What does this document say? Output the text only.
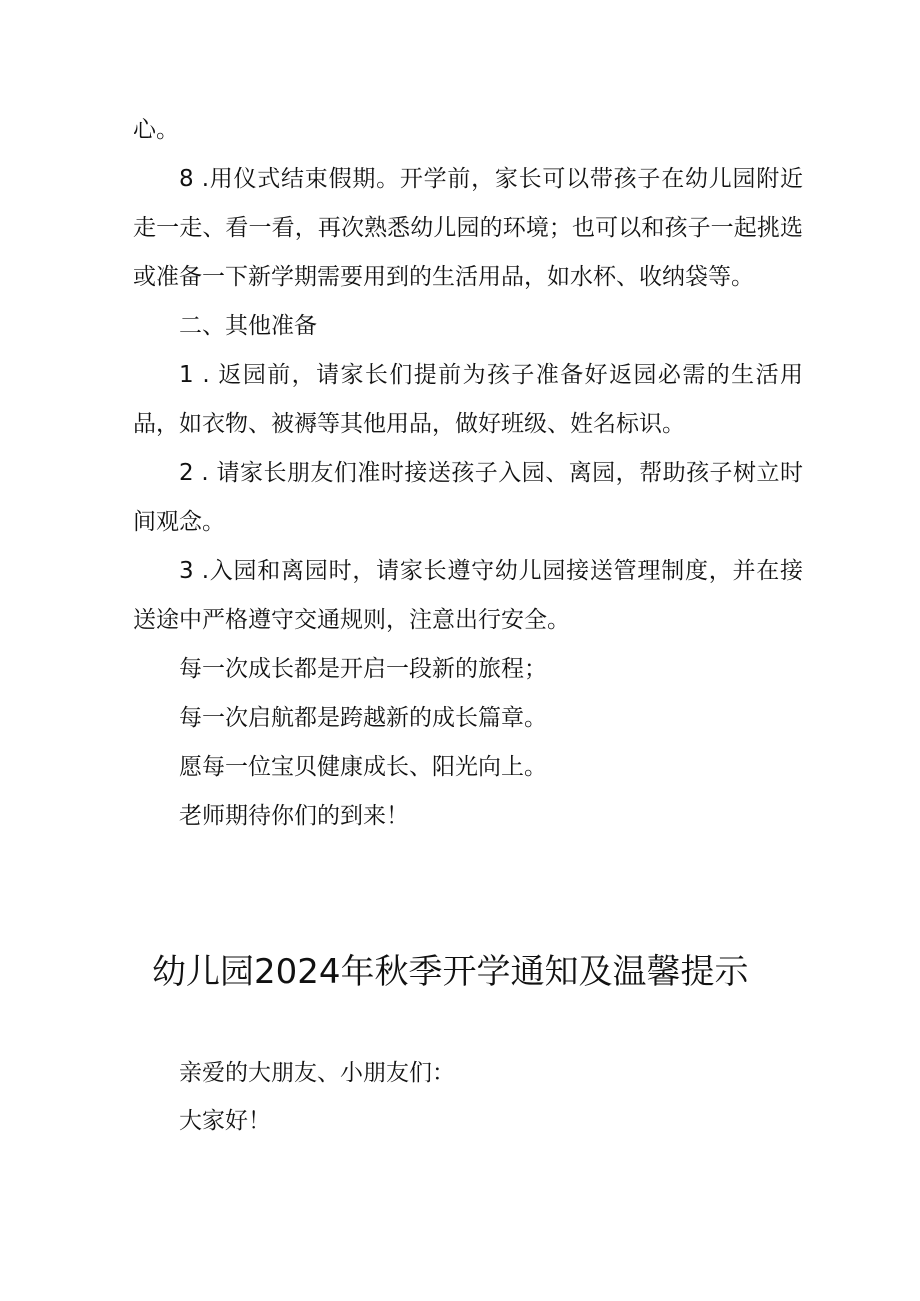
心。

8 .用仪式结束假期。开学前，家长可以带孩子在幼儿园附近走一走、看一看，再次熟悉幼儿园的环境；也可以和孩子一起挑选或准备一下新学期需要用到的生活用品，如水杯、收纳袋等。

二、其他准备

1 . 返园前，请家长们提前为孩子准备好返园必需的生活用品，如衣物、被褥等其他用品，做好班级、姓名标识。

2 . 请家长朋友们准时接送孩子入园、离园，帮助孩子树立时间观念。

3 .入园和离园时，请家长遵守幼儿园接送管理制度，并在接送途中严格遵守交通规则，注意出行安全。

每一次成长都是开启一段新的旅程；

每一次启航都是跨越新的成长篇章。

愿每一位宝贝健康成长、阳光向上。

老师期待你们的到来！

幼儿园2024年秋季开学通知及温馨提示

亲爱的大朋友、小朋友们：

大家好！
